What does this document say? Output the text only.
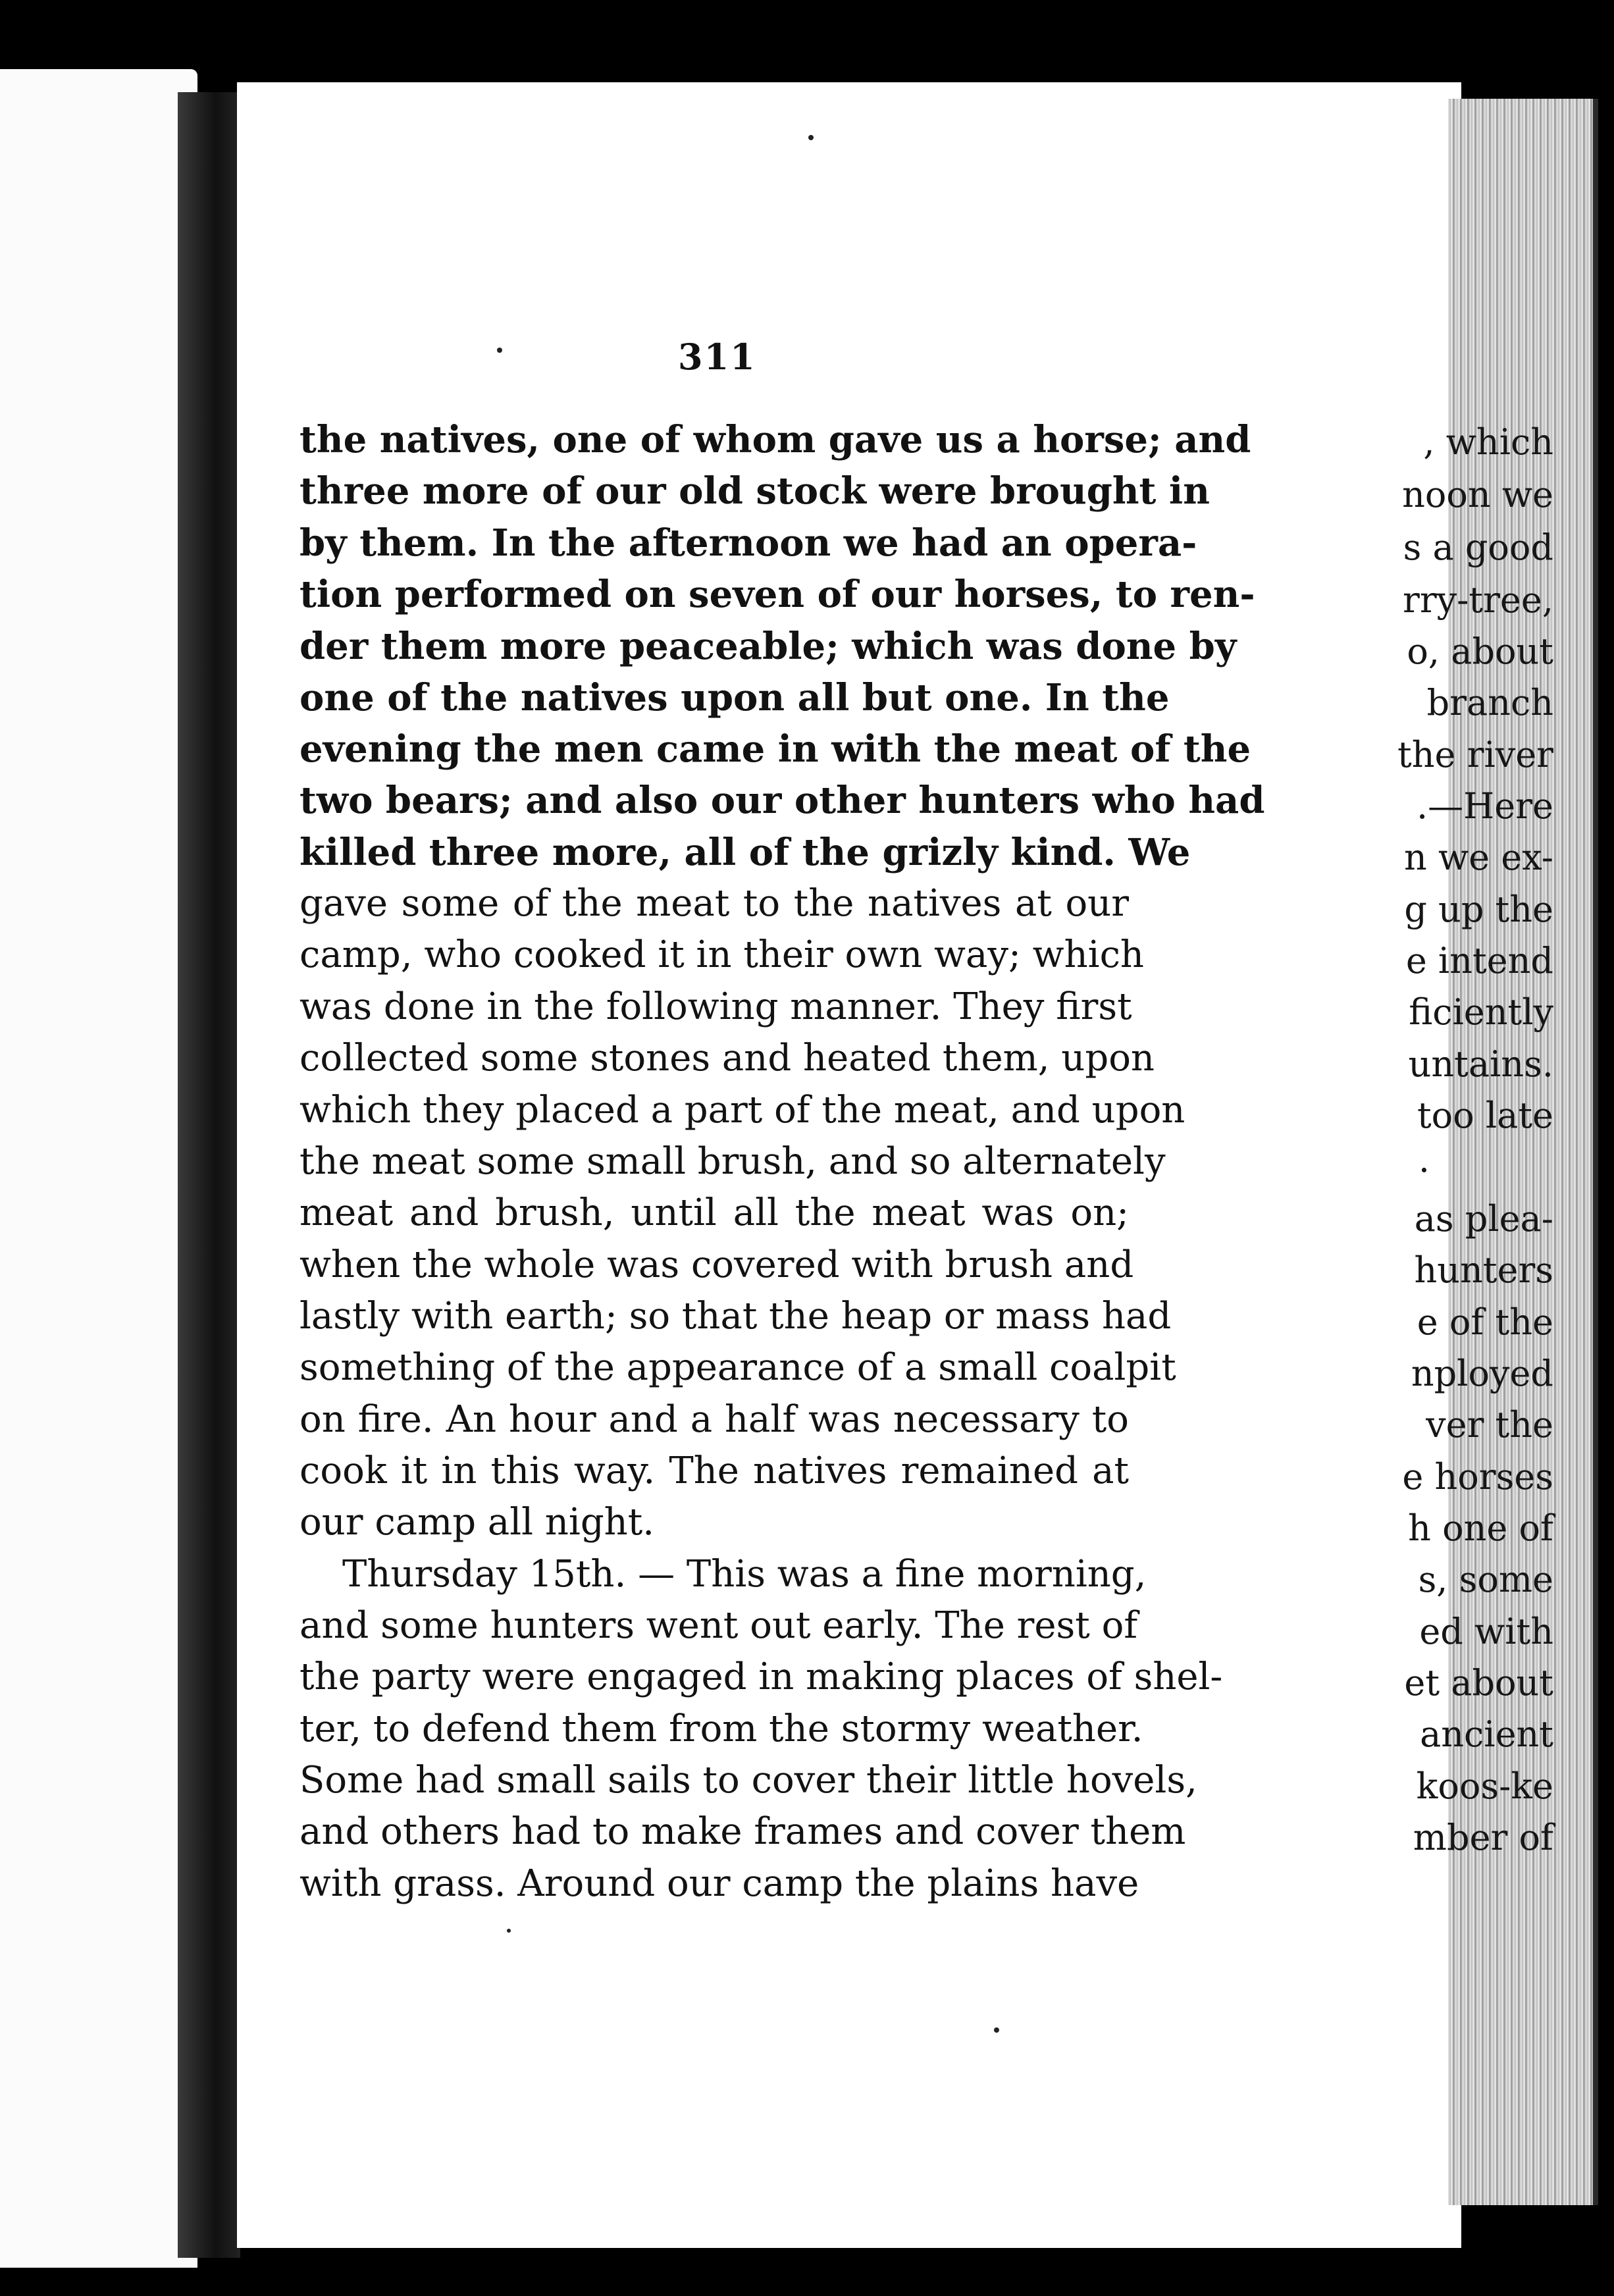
, which
noon we
s a good
rry-tree,
o, about
branch
the river
.—Here
n we ex-
g up the
e intend
ficiently
untains.
too late
.
as plea-
hunters
e of the
nployed
ver the
e horses
h one of
s, some
ed with
et about
ancient
koos-ke
mber of
311
the natives, one of whom gave us a horse; and
three more of our old stock were brought in
by them. In the afternoon we had an opera-
tion performed on seven of our horses, to ren-
der them more peaceable; which was done by
one of the natives upon all but one. In the
evening the men came in with the meat of the
two bears; and also our other hunters who had
killed three more, all of the grizly kind. We
gave some of the meat to the natives at our
camp, who cooked it in their own way; which
was done in the following manner. They first
collected some stones and heated them, upon
which they placed a part of the meat, and upon
the meat some small brush, and so alternately
meat and brush, until all the meat was on;
when the whole was covered with brush and
lastly with earth; so that the heap or mass had
something of the appearance of a small coalpit
on fire. An hour and a half was necessary to
cook it in this way. The natives remained at
our camp all night.
Thursday 15th. — This was a fine morning,
and some hunters went out early. The rest of
the party were engaged in making places of shel-
ter, to defend them from the stormy weather.
Some had small sails to cover their little hovels,
and others had to make frames and cover them
with grass. Around our camp the plains have
